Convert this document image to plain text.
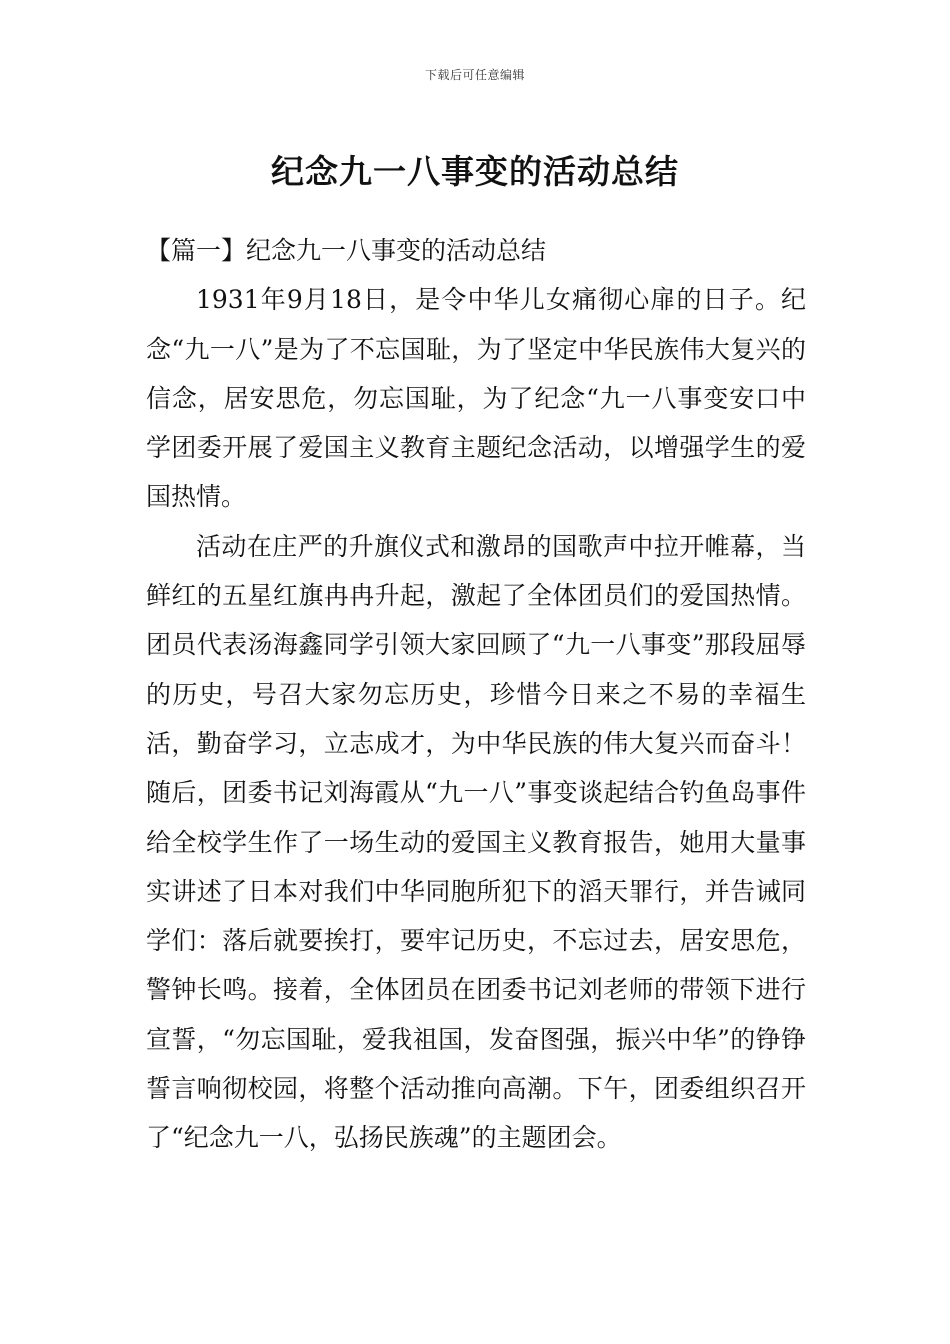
下载后可任意编辑
纪念九一八事变的活动总结
【篇一】纪念九一八事变的活动总结

1931年9月18日，是令中华儿女痛彻心扉的日子。纪念“九一八”是为了不忘国耻，为了坚定中华民族伟大复兴的信念，居安思危，勿忘国耻，为了纪念“九一八事变安口中学团委开展了爱国主义教育主题纪念活动，以增强学生的爱国热情。

活动在庄严的升旗仪式和激昂的国歌声中拉开帷幕，当鲜红的五星红旗冉冉升起，激起了全体团员们的爱国热情。团员代表汤海鑫同学引领大家回顾了“九一八事变”那段屈辱的历史，号召大家勿忘历史，珍惜今日来之不易的幸福生活，勤奋学习，立志成才，为中华民族的伟大复兴而奋斗！随后，团委书记刘海霞从“九一八”事变谈起结合钓鱼岛事件给全校学生作了一场生动的爱国主义教育报告，她用大量事实讲述了日本对我们中华同胞所犯下的滔天罪行，并告诫同学们：落后就要挨打，要牢记历史，不忘过去，居安思危，警钟长鸣。接着，全体团员在团委书记刘老师的带领下进行宣誓，“勿忘国耻，爱我祖国，发奋图强，振兴中华”的铮铮誓言响彻校园，将整个活动推向高潮。下午，团委组织召开了“纪念九一八，弘扬民族魂”的主题团会。
